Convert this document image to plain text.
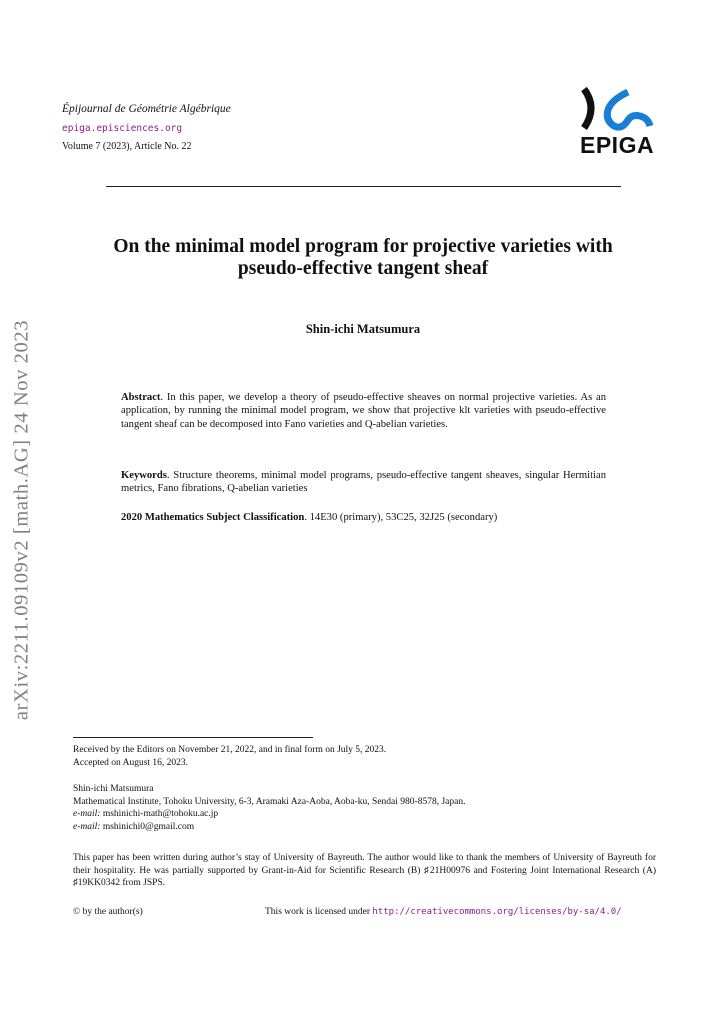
Épijournal de Géométrie Algébrique
epiga.episciences.org
Volume 7 (2023), Article No. 22	EPIGA
arXiv:2211.09109v2 [math.AG] 24 Nov 2023
On the minimal model program for projective varieties with
pseudo-effective tangent sheaf
Shin-ichi Matsumura
Abstract. In this paper, we develop a theory of pseudo-effective sheaves on normal projective varieties. As an application, by running the minimal model program, we show that projective klt varieties with pseudo-effective tangent sheaf can be decomposed into Fano varieties and Q-abelian varieties.
Keywords. Structure theorems, minimal model programs, pseudo-effective tangent sheaves, singular Hermitian metrics, Fano fibrations, Q-abelian varieties
2020 Mathematics Subject Classification. 14E30 (primary), 53C25, 32J25 (secondary)
Received by the Editors on November 21, 2022, and in final form on July 5, 2023.
Accepted on August 16, 2023.
Shin-ichi Matsumura
Mathematical Institute, Tohoku University, 6-3, Aramaki Aza-Aoba, Aoba-ku, Sendai 980-8578, Japan.
e-mail: mshinichi-math@tohoku.ac.jp
e-mail: mshinichi0@gmail.com
This paper has been written during author’s stay of University of Bayreuth. The author would like to thank the members of University of Bayreuth for their hospitality. He was partially supported by Grant-in-Aid for Scientific Research (B) ♯21H00976 and Fostering Joint International Research (A) ♯19KK0342 from JSPS.
© by the author(s)	This work is licensed under http://creativecommons.org/licenses/by-sa/4.0/
